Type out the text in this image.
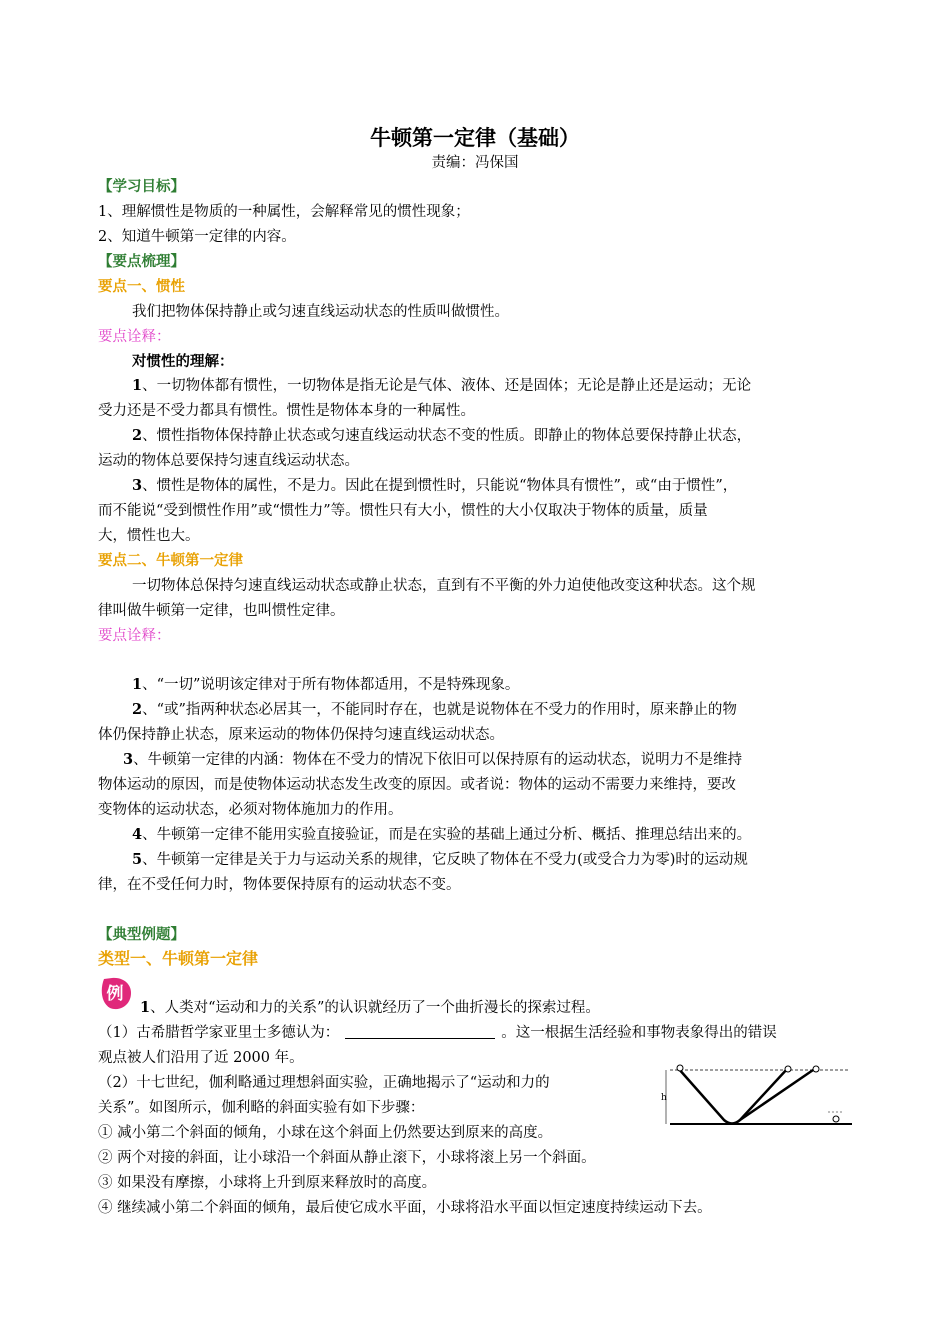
牛顿第一定律（基础）
责编：冯保国
【学习目标】
1、理解惯性是物质的一种属性，会解释常见的惯性现象；
2、知道牛顿第一定律的内容。
【要点梳理】
要点一、惯性
我们把物体保持静止或匀速直线运动状态的性质叫做惯性。
要点诠释：
对惯性的理解：
1、一切物体都有惯性，一切物体是指无论是气体、液体、还是固体；无论是静止还是运动；无论
受力还是不受力都具有惯性。惯性是物体本身的一种属性。
2、惯性指物体保持静止状态或匀速直线运动状态不变的性质。即静止的物体总要保持静止状态，
运动的物体总要保持匀速直线运动状态。
3、惯性是物体的属性，不是力。因此在提到惯性时，只能说“物体具有惯性”，或“由于惯性”，
而不能说“受到惯性作用”或“惯性力”等。惯性只有大小，惯性的大小仅取决于物体的质量，质量
大，惯性也大。
要点二、牛顿第一定律
一切物体总保持匀速直线运动状态或静止状态，直到有不平衡的外力迫使他改变这种状态。这个规
律叫做牛顿第一定律，也叫惯性定律。
要点诠释：
1、“一切”说明该定律对于所有物体都适用，不是特殊现象。
2、“或”指两种状态必居其一，不能同时存在，也就是说物体在不受力的作用时，原来静止的物
体仍保持静止状态，原来运动的物体仍保持匀速直线运动状态。
3、牛顿第一定律的内涵：物体在不受力的情况下依旧可以保持原有的运动状态，说明力不是维持
物体运动的原因，而是使物体运动状态发生改变的原因。或者说：物体的运动不需要力来维持，要改
变物体的运动状态，必须对物体施加力的作用。
4、牛顿第一定律不能用实验直接验证，而是在实验的基础上通过分析、概括、推理总结出来的。
5、牛顿第一定律是关于力与运动关系的规律，它反映了物体在不受力(或受合力为零)时的运动规
律，在不受任何力时，物体要保持原有的运动状态不变。
【典型例题】
类型一、牛顿第一定律
例
1、人类对“运动和力的关系”的认识就经历了一个曲折漫长的探索过程。
（1）古希腊哲学家亚里士多德认为：	。这一根据生活经验和事物表象得出的错误
观点被人们沿用了近 2000 年。
（2）十七世纪，伽利略通过理想斜面实验，正确地揭示了“运动和力的
关系”。如图所示，伽利略的斜面实验有如下步骤：
h
① 减小第二个斜面的倾角，小球在这个斜面上仍然要达到原来的高度。
② 两个对接的斜面，让小球沿一个斜面从静止滚下，小球将滚上另一个斜面。
③ 如果没有摩擦，小球将上升到原来释放时的高度。
④ 继续减小第二个斜面的倾角，最后使它成水平面，小球将沿水平面以恒定速度持续运动下去。
